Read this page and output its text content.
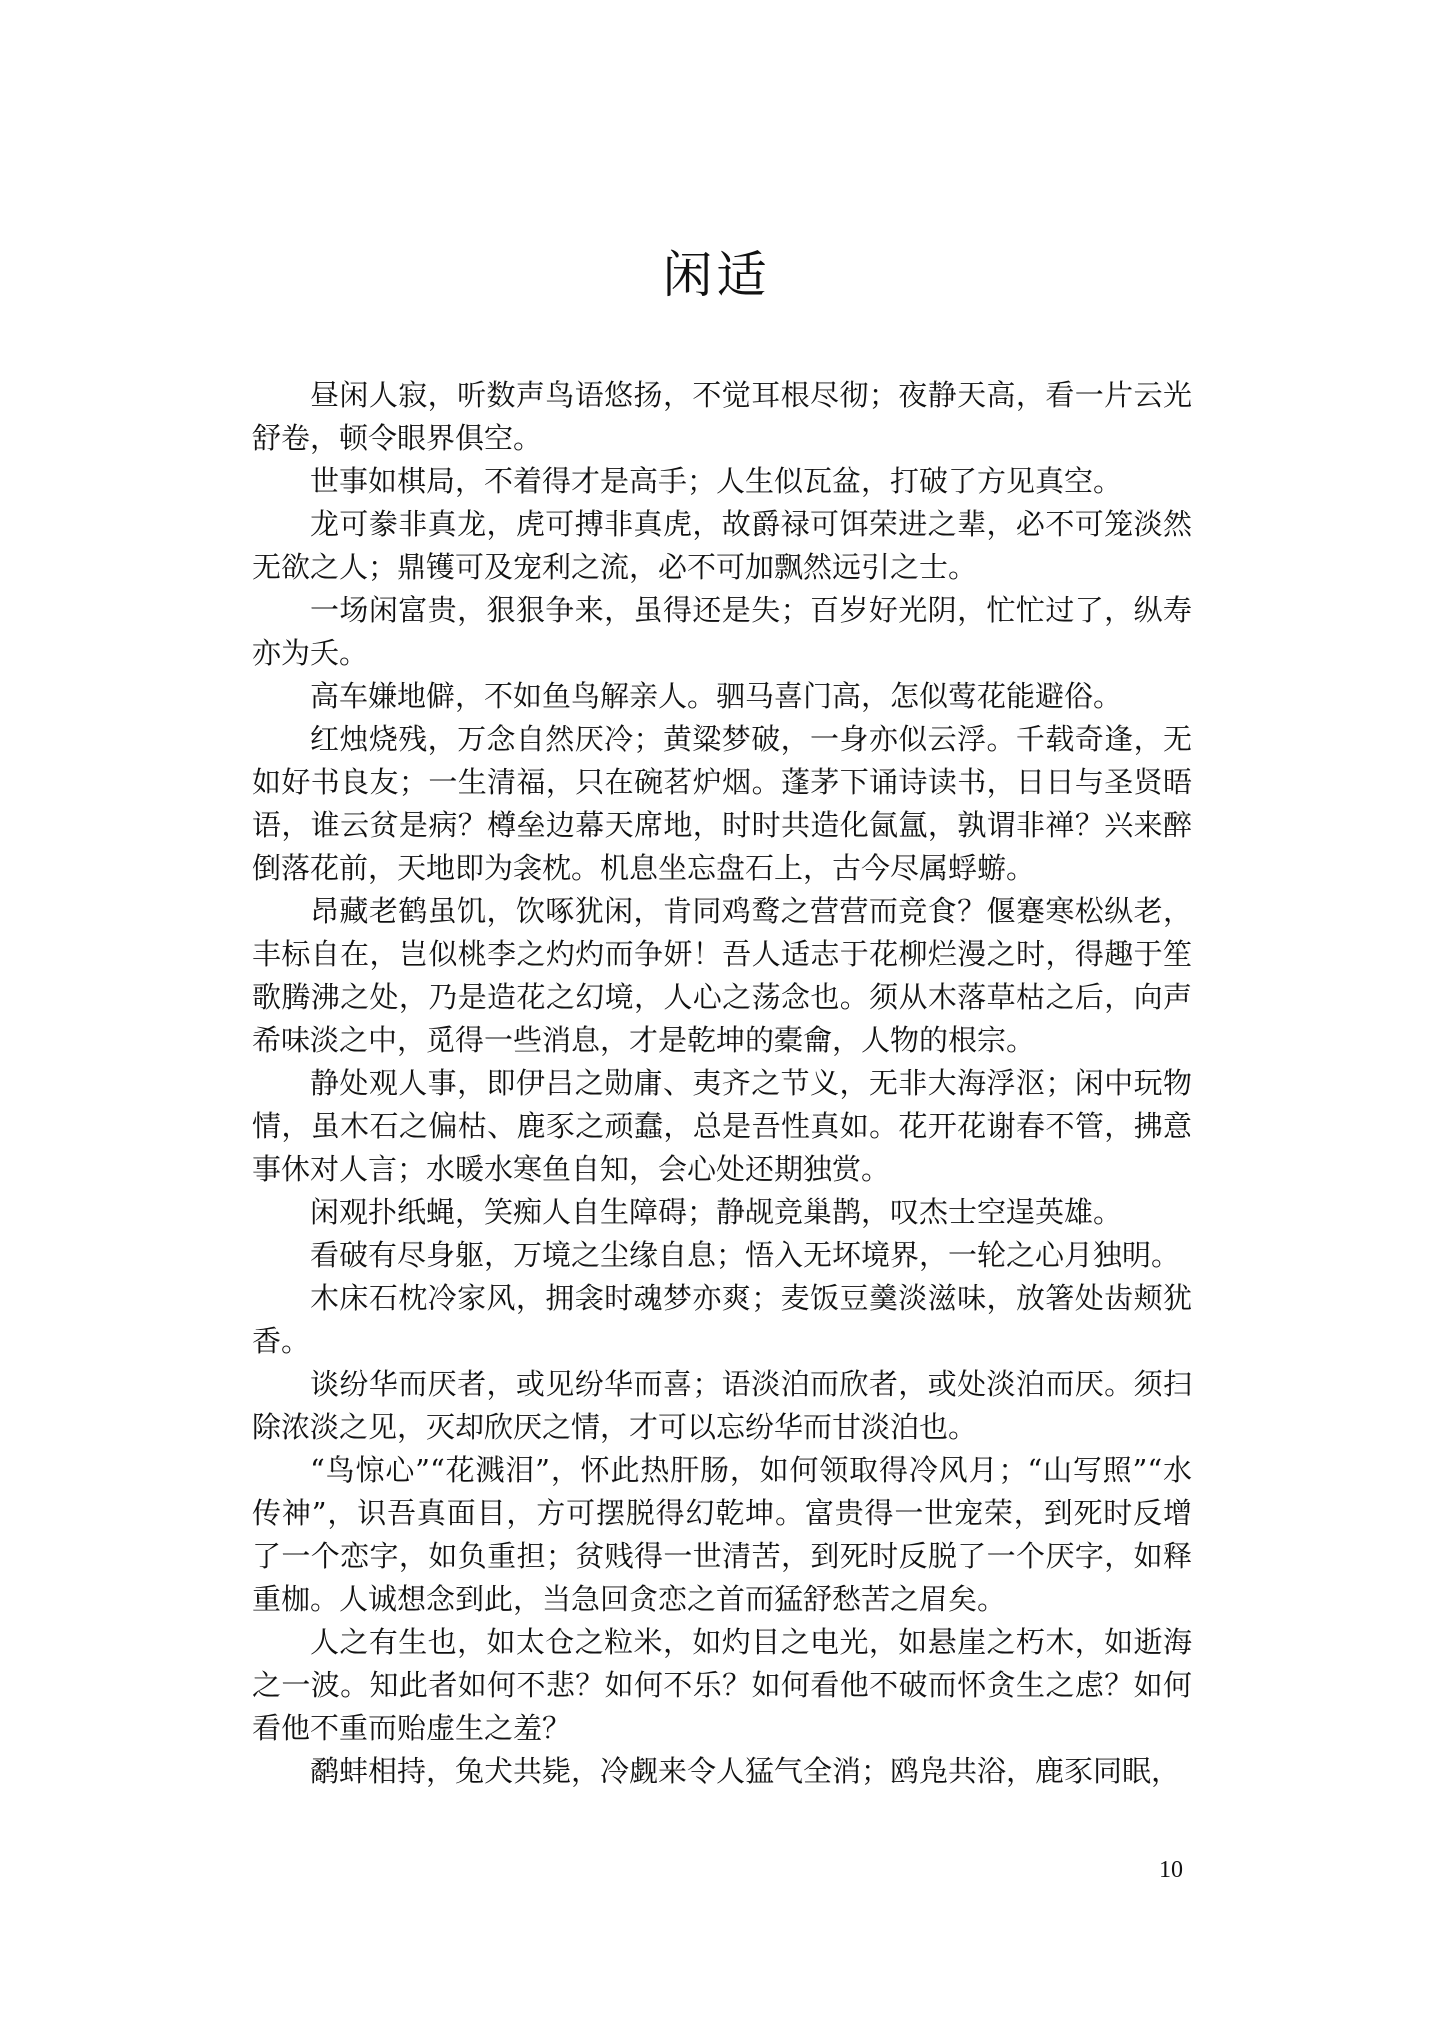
闲适

昼闲人寂，听数声鸟语悠扬，不觉耳根尽彻；夜静天高，看一片云光舒卷，顿令眼界俱空。

世事如棋局，不着得才是高手；人生似瓦盆，打破了方见真空。

龙可豢非真龙，虎可搏非真虎，故爵禄可饵荣进之辈，必不可笼淡然无欲之人；鼎镬可及宠利之流，必不可加飘然远引之士。

一场闲富贵，狠狠争来，虽得还是失；百岁好光阴，忙忙过了，纵寿亦为夭。

高车嫌地僻，不如鱼鸟解亲人。驷马喜门高，怎似莺花能避俗。

红烛烧残，万念自然厌冷；黄粱梦破，一身亦似云浮。千载奇逢，无如好书良友；一生清福，只在碗茗炉烟。蓬茅下诵诗读书，日日与圣贤晤语，谁云贫是病？樽垒边幕天席地，时时共造化氤氲，孰谓非禅？兴来醉倒落花前，天地即为衾枕。机息坐忘盘石上，古今尽属蜉蝣。

昂藏老鹤虽饥，饮啄犹闲，肯同鸡鹜之营营而竞食？偃蹇寒松纵老，丰标自在，岂似桃李之灼灼而争妍！吾人适志于花柳烂漫之时，得趣于笙歌腾沸之处，乃是造花之幻境，人心之荡念也。须从木落草枯之后，向声希味淡之中，觅得一些消息，才是乾坤的橐龠，人物的根宗。

静处观人事，即伊吕之勋庸、夷齐之节义，无非大海浮沤；闲中玩物情，虽木石之偏枯、鹿豕之顽蠢，总是吾性真如。花开花谢春不管，拂意事休对人言；水暖水寒鱼自知，会心处还期独赏。

闲观扑纸蝇，笑痴人自生障碍；静觇竞巢鹊，叹杰士空逞英雄。

看破有尽身躯，万境之尘缘自息；悟入无坏境界，一轮之心月独明。

木床石枕冷家风，拥衾时魂梦亦爽；麦饭豆羹淡滋味，放箸处齿颊犹香。

谈纷华而厌者，或见纷华而喜；语淡泊而欣者，或处淡泊而厌。须扫除浓淡之见，灭却欣厌之情，才可以忘纷华而甘淡泊也。

“鸟惊心”“花溅泪”，怀此热肝肠，如何领取得冷风月；“山写照”“水传神”，识吾真面目，方可摆脱得幻乾坤。富贵得一世宠荣，到死时反增了一个恋字，如负重担；贫贱得一世清苦，到死时反脱了一个厌字，如释重枷。人诚想念到此，当急回贪恋之首而猛舒愁苦之眉矣。

人之有生也，如太仓之粒米，如灼目之电光，如悬崖之朽木，如逝海之一波。知此者如何不悲？如何不乐？如何看他不破而怀贪生之虑？如何看他不重而贻虚生之羞？

鹬蚌相持，兔犬共毙，冷觑来令人猛气全消；鸥凫共浴，鹿豕同眠，

10
